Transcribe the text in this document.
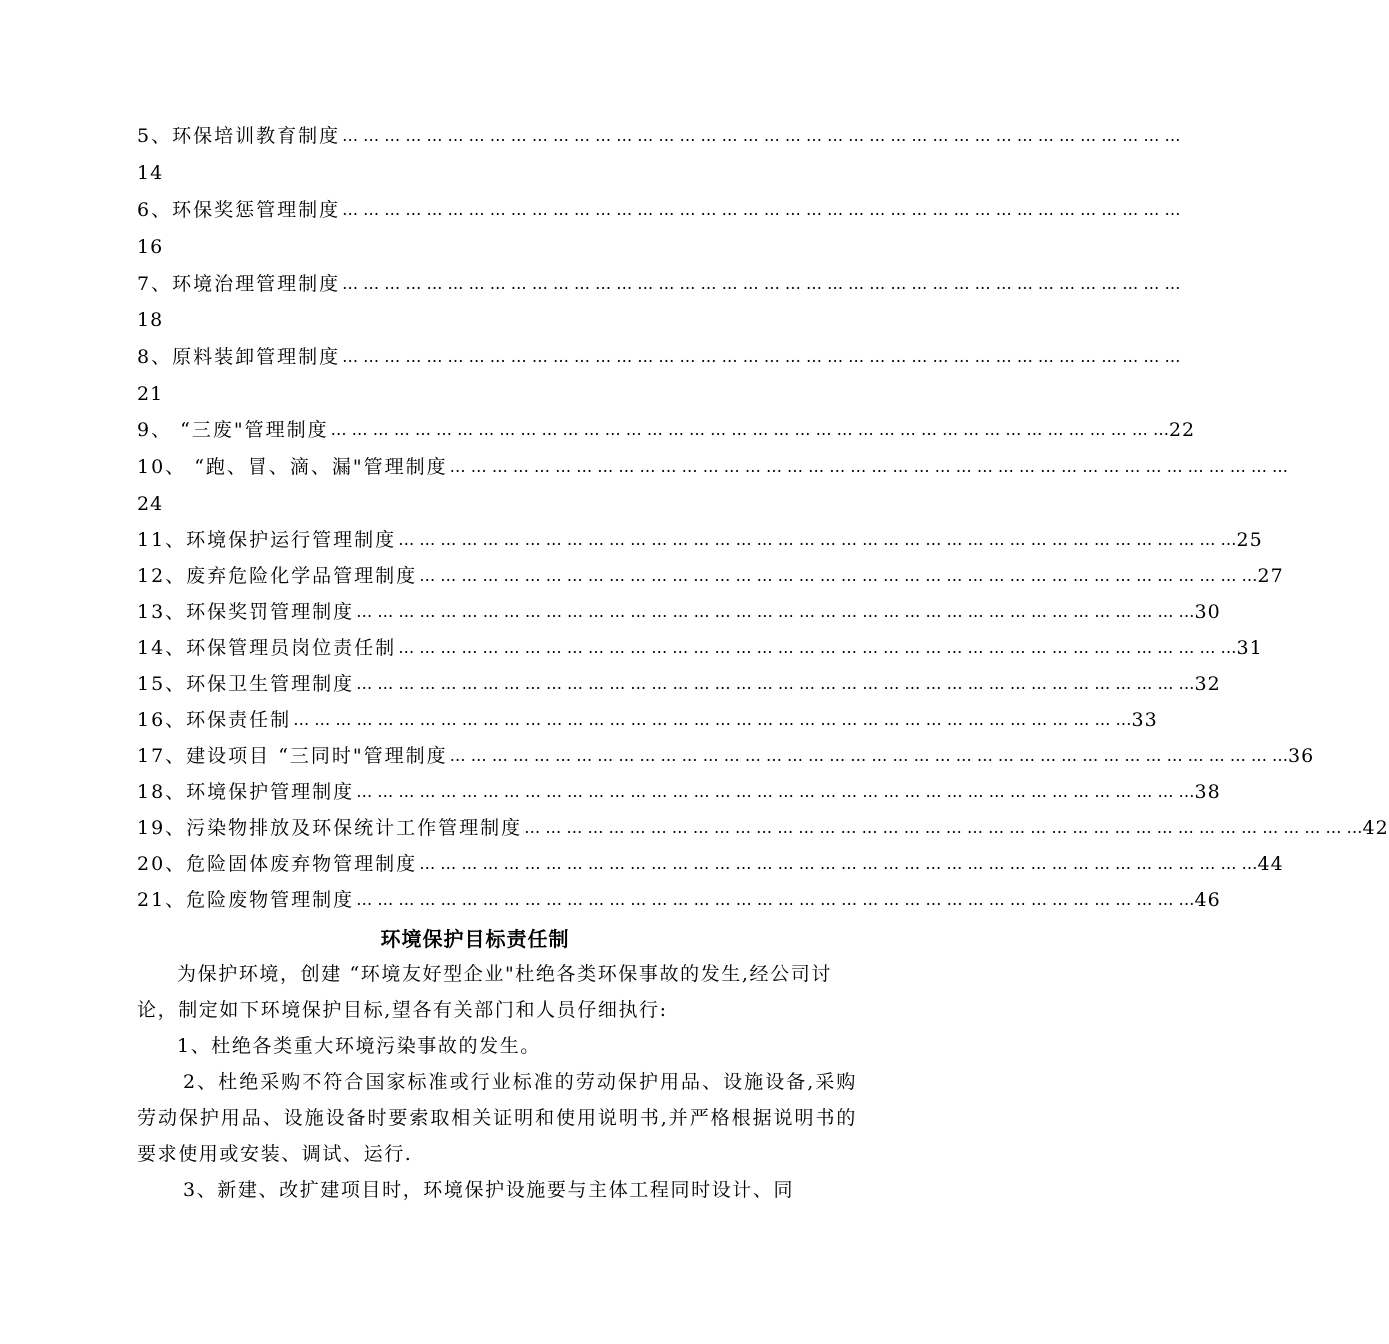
5、环保培训教育制度 … … … … … … … … … … … … … … … … … … … … … … … … … … … … … … … … … … … … … … … …
14
6、环保奖惩管理制度 … … … … … … … … … … … … … … … … … … … … … … … … … … … … … … … … … … … … … … … …
16
7、环境治理管理制度 … … … … … … … … … … … … … … … … … … … … … … … … … … … … … … … … … … … … … … … …
18
8、原料装卸管理制度 … … … … … … … … … … … … … … … … … … … … … … … … … … … … … … … … … … … … … … … …
21
9、 “三废"管理制度 … … … … … … … … … … … … … … … … … … … … … … … … … … … … … … … … … … … … … … … … 22
10、 “跑、冒、滴、漏"管理制度 … … … … … … … … … … … … … … … … … … … … … … … … … … … … … … … … … … … … … … … …
24
11、环境保护运行管理制度 … … … … … … … … … … … … … … … … … … … … … … … … … … … … … … … … … … … … … … … … 25
12、废弃危险化学品管理制度 … … … … … … … … … … … … … … … … … … … … … … … … … … … … … … … … … … … … … … … … 27
13、环保奖罚管理制度 … … … … … … … … … … … … … … … … … … … … … … … … … … … … … … … … … … … … … … … … 30
14、环保管理员岗位责任制 … … … … … … … … … … … … … … … … … … … … … … … … … … … … … … … … … … … … … … … … 31
15、环保卫生管理制度 … … … … … … … … … … … … … … … … … … … … … … … … … … … … … … … … … … … … … … … … 32
16、环保责任制 … … … … … … … … … … … … … … … … … … … … … … … … … … … … … … … … … … … … … … … … 33
17、建设项目 “三同时"管理制度 … … … … … … … … … … … … … … … … … … … … … … … … … … … … … … … … … … … … … … … … 36
18、环境保护管理制度 … … … … … … … … … … … … … … … … … … … … … … … … … … … … … … … … … … … … … … … … 38
19、污染物排放及环保统计工作管理制度 … … … … … … … … … … … … … … … … … … … … … … … … … … … … … … … … … … … … … … … … 42
20、危险固体废弃物管理制度 … … … … … … … … … … … … … … … … … … … … … … … … … … … … … … … … … … … … … … … … 44
21、危险废物管理制度 … … … … … … … … … … … … … … … … … … … … … … … … … … … … … … … … … … … … … … … … 46
环境保护目标责任制
为保护环境，创建 “环境友好型企业"杜绝各类环保事故的发生,经公司讨论，制定如下环境保护目标,望各有关部门和人员仔细执行:
1、杜绝各类重大环境污染事故的发生。
2、杜绝采购不符合国家标准或行业标准的劳动保护用品、设施设备,采购劳动保护用品、设施设备时要索取相关证明和使用说明书,并严格根据说明书的要求使用或安装、调试、运行.
3、新建、改扩建项目时，环境保护设施要与主体工程同时设计、同
